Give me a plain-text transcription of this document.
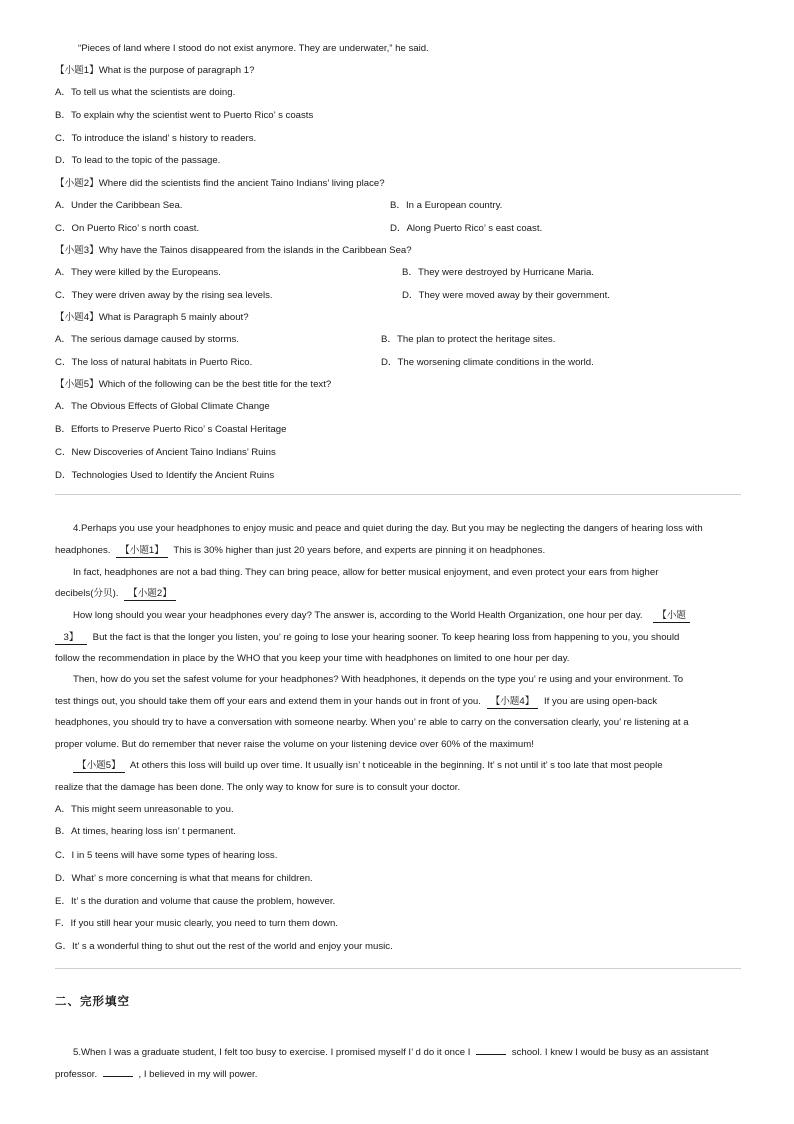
“Pieces of land where I stood do not exist anymore. They are underwater,” he said.
【小题1】What is the purpose of paragraph 1?
A．To tell us what the scientists are doing.
B．To explain why the scientist went to Puerto Rico’ s coasts
C．To introduce the island’ s history to readers.
D．To lead to the topic of the passage.
【小题2】Where did the scientists find the ancient Taino Indians’ living place?
A．Under the Caribbean Sea.	B．In a European country.
C．On Puerto Rico’ s north coast.	D．Along Puerto Rico’ s east coast.
【小题3】Why have the Tainos disappeared from the islands in the Caribbean Sea?
A．They were killed by the Europeans.	B．They were destroyed by Hurricane Maria.
C．They were driven away by the rising sea levels.	D．They were moved away by their government.
【小题4】What is Paragraph 5 mainly about?
A．The serious damage caused by storms.	B．The plan to protect the heritage sites.
C．The loss of natural habitats in Puerto Rico.	D．The worsening climate conditions in the world.
【小题5】Which of the following can be the best title for the text?
A．The Obvious Effects of Global Climate Change
B．Efforts to Preserve Puerto Rico’ s Coastal Heritage
C．New Discoveries of Ancient Taino Indians’ Ruins
D．Technologies Used to Identify the Ancient Ruins
4.Perhaps you use your headphones to enjoy music and peace and quiet during the day. But you may be neglecting the dangers of hearing loss with
headphones. 【小题1】 This is 30% higher than just 20 years before, and experts are pinning it on headphones.
In fact, headphones are not a bad thing. They can bring peace, allow for better musical enjoyment, and even protect your ears from higher
decibels(分贝). 【小题2】
How long should you wear your headphones every day? The answer is, according to the World Health Organization, one hour per day. 【小题
3】 But the fact is that the longer you listen, you’ re going to lose your hearing sooner. To keep hearing loss from happening to you, you should
follow the recommendation in place by the WHO that you keep your time with headphones on limited to one hour per day.
Then, how do you set the safest volume for your headphones? With headphones, it depends on the type you’ re using and your environment. To
test things out, you should take them off your ears and extend them in your hands out in front of you. 【小题4】 If you are using open-back
headphones, you should try to have a conversation with someone nearby. When you’ re able to carry on the conversation clearly, you’ re listening at a
proper volume. But do remember that never raise the volume on your listening device over 60% of the maximum!
【小题5】 At others this loss will build up over time. It usually isn’ t noticeable in the beginning. It’ s not until it’ s too late that most people
realize that the damage has been done. The only way to know for sure is to consult your doctor.
A．This might seem unreasonable to you.
B．At times, hearing loss isn’ t permanent.
C．I in 5 teens will have some types of hearing loss.
D．What’ s more concerning is what that means for children.
E．It’ s the duration and volume that cause the problem, however.
F．If you still hear your music clearly, you need to turn them down.
G．It’ s a wonderful thing to shut out the rest of the world and enjoy your music.
二、完形填空
5.When I was a graduate student, I felt too busy to exercise. I promised myself I’ d do it once I	school. I knew I would be busy as an assistant
professor.	, I believed in my will power.
